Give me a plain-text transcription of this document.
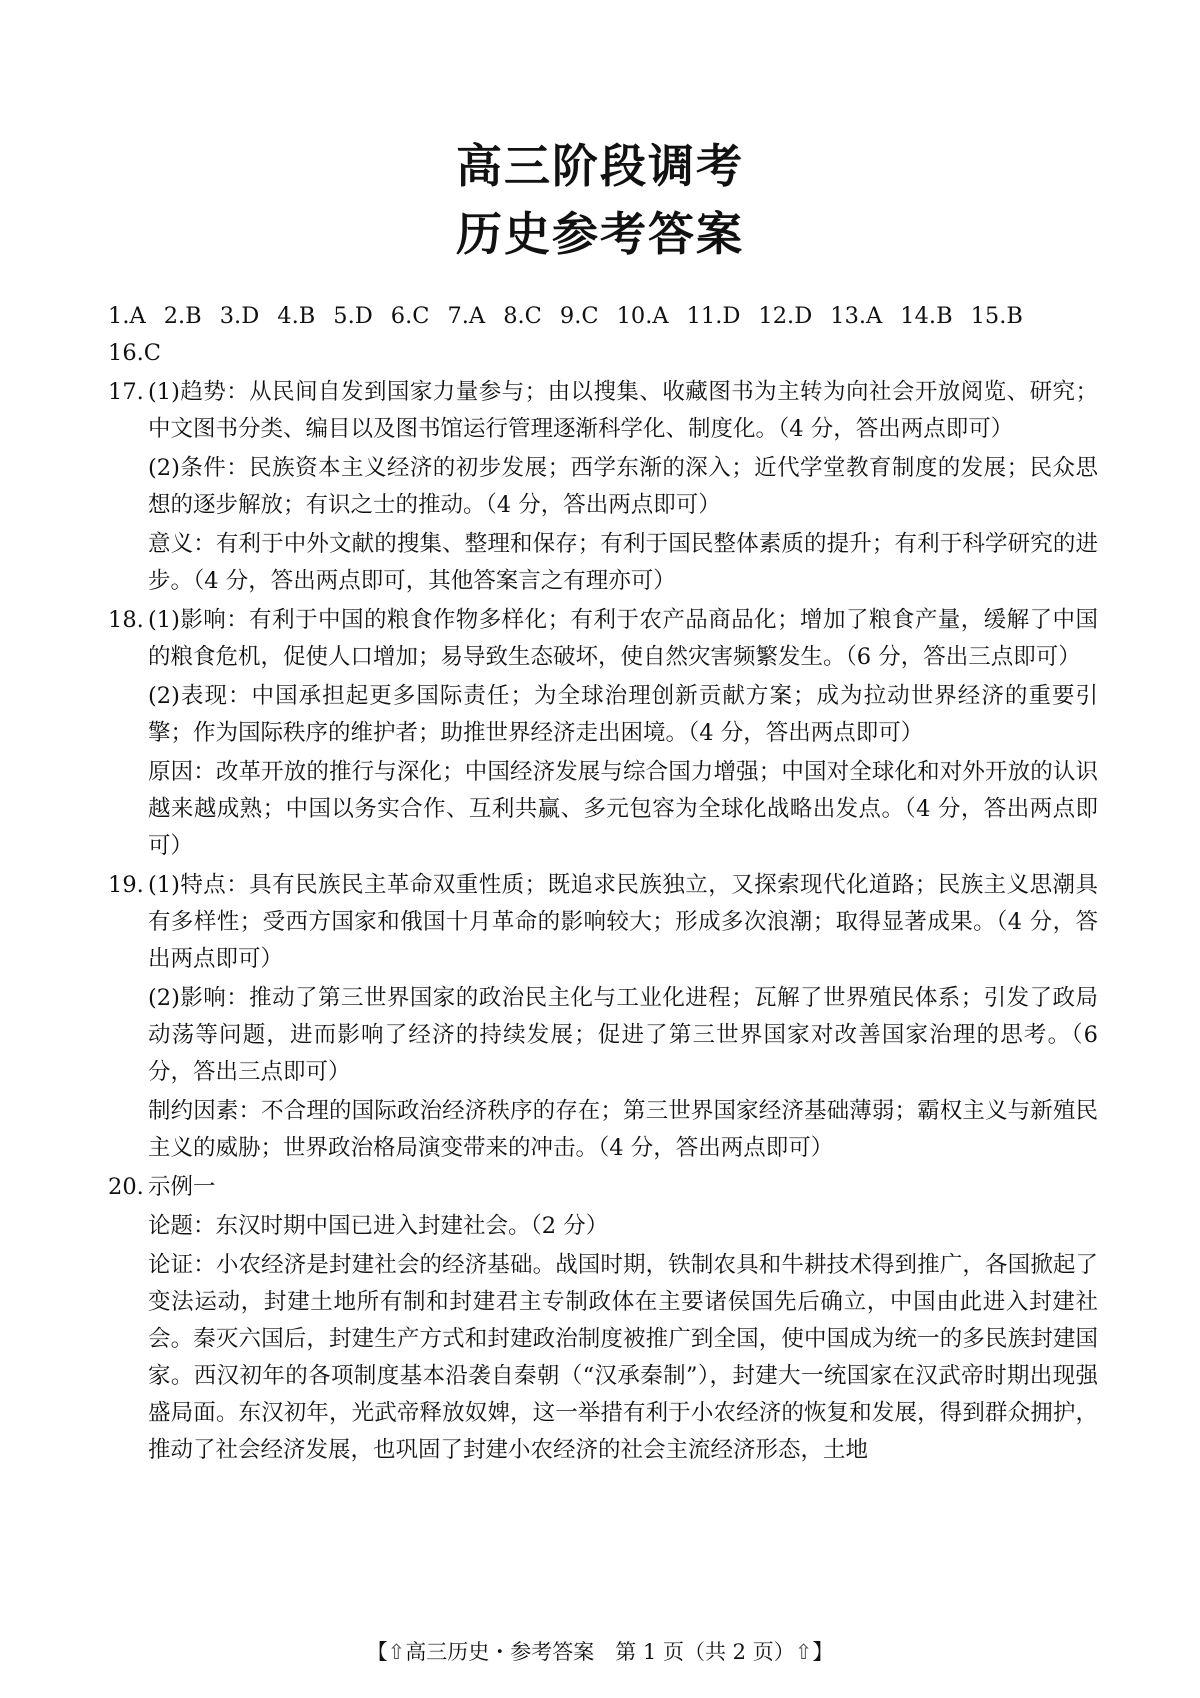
高三阶段调考
历史参考答案
1.A 2.B 3.D 4.B 5.D 6.C 7.A 8.C 9.C 10.A 11.D 12.D 13.A 14.B 15.B16.C
17. (1)趋势：从民间自发到国家力量参与；由以搜集、收藏图书为主转为向社会开放阅览、研究；中文图书分类、编目以及图书馆运行管理逐渐科学化、制度化。（4 分，答出两点即可）

(2)条件：民族资本主义经济的初步发展；西学东渐的深入；近代学堂教育制度的发展；民众思想的逐步解放；有识之士的推动。（4 分，答出两点即可）

意义：有利于中外文献的搜集、整理和保存；有利于国民整体素质的提升；有利于科学研究的进步。（4 分，答出两点即可，其他答案言之有理亦可）

18. (1)影响：有利于中国的粮食作物多样化；有利于农产品商品化；增加了粮食产量，缓解了中国的粮食危机，促使人口增加；易导致生态破坏，使自然灾害频繁发生。（6 分，答出三点即可）

(2)表现：中国承担起更多国际责任；为全球治理创新贡献方案；成为拉动世界经济的重要引擎；作为国际秩序的维护者；助推世界经济走出困境。（4 分，答出两点即可）

原因：改革开放的推行与深化；中国经济发展与综合国力增强；中国对全球化和对外开放的认识越来越成熟；中国以务实合作、互利共赢、多元包容为全球化战略出发点。（4 分，答出两点即可）

19. (1)特点：具有民族民主革命双重性质；既追求民族独立，又探索现代化道路；民族主义思潮具有多样性；受西方国家和俄国十月革命的影响较大；形成多次浪潮；取得显著成果。（4 分，答出两点即可）

(2)影响：推动了第三世界国家的政治民主化与工业化进程；瓦解了世界殖民体系；引发了政局动荡等问题，进而影响了经济的持续发展；促进了第三世界国家对改善国家治理的思考。（6 分，答出三点即可）

制约因素：不合理的国际政治经济秩序的存在；第三世界国家经济基础薄弱；霸权主义与新殖民主义的威胁；世界政治格局演变带来的冲击。（4 分，答出两点即可）

20. 示例一

论题：东汉时期中国已进入封建社会。（2 分）

论证：小农经济是封建社会的经济基础。战国时期，铁制农具和牛耕技术得到推广，各国掀起了变法运动，封建土地所有制和封建君主专制政体在主要诸侯国先后确立，中国由此进入封建社会。秦灭六国后，封建生产方式和封建政治制度被推广到全国，使中国成为统一的多民族封建国家。西汉初年的各项制度基本沿袭自秦朝（“汉承秦制”），封建大一统国家在汉武帝时期出现强盛局面。东汉初年，光武帝释放奴婢，这一举措有利于小农经济的恢复和发展，得到群众拥护，推动了社会经济发展，也巩固了封建小农经济的社会主流经济形态，土地

【⇧高三历史・参考答案　第 1 页（共 2 页）⇧】
